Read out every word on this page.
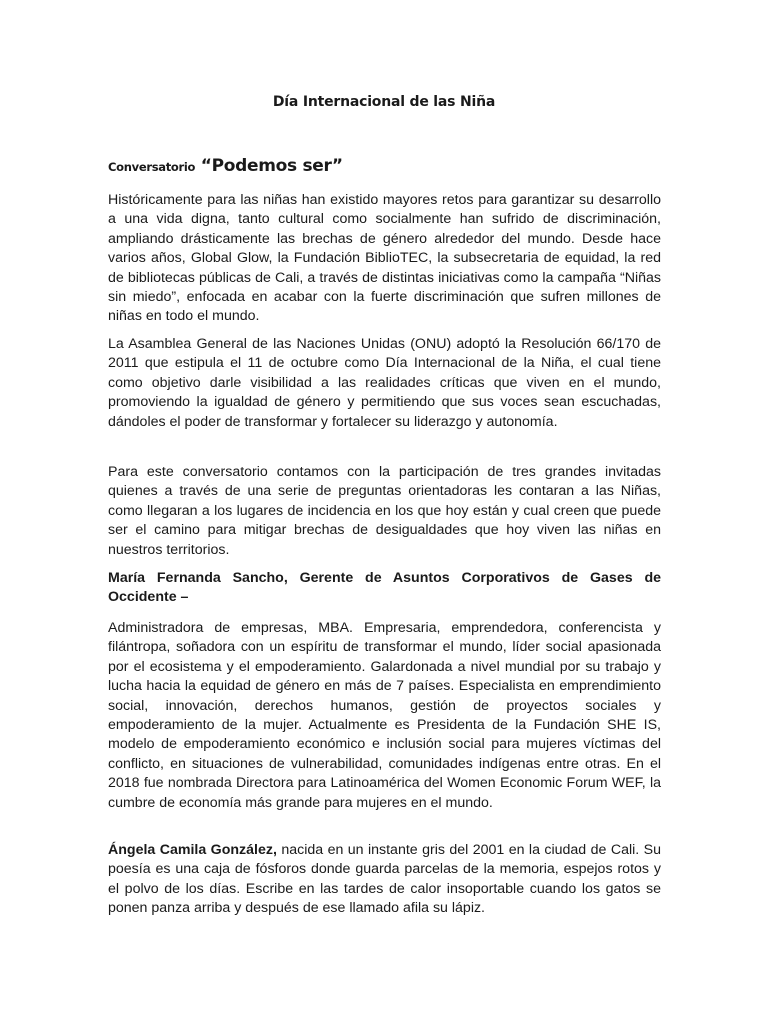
Día Internacional de las Niña
Conversatorio “Podemos ser”

Históricamente para las niñas han existido mayores retos para garantizar su desarrollo a una vida digna, tanto cultural como socialmente han sufrido de discriminación, ampliando drásticamente las brechas de género alrededor del mundo. Desde hace varios años, Global Glow, la Fundación BiblioTEC, la subsecretaria de equidad, la red de bibliotecas públicas de Cali, a través de distintas iniciativas como la campaña “Niñas sin miedo”, enfocada en acabar con la fuerte discriminación que sufren millones de niñas en todo el mundo.

La Asamblea General de las Naciones Unidas (ONU) adoptó la Resolución 66/170 de 2011 que estipula el 11 de octubre como Día Internacional de la Niña, el cual tiene como objetivo darle visibilidad a las realidades críticas que viven en el mundo, promoviendo la igualdad de género y permitiendo que sus voces sean escuchadas, dándoles el poder de transformar y fortalecer su liderazgo y autonomía.

Para este conversatorio contamos con la participación de tres grandes invitadas quienes a través de una serie de preguntas orientadoras les contaran a las Niñas, como llegaran a los lugares de incidencia en los que hoy están y cual creen que puede ser el camino para mitigar brechas de desigualdades que hoy viven las niñas en nuestros territorios.

María Fernanda Sancho, Gerente de Asuntos Corporativos de Gases de Occidente –

Administradora de empresas, MBA. Empresaria, emprendedora, conferencista y filántropa, soñadora con un espíritu de transformar el mundo, líder social apasionada por el ecosistema y el empoderamiento. Galardonada a nivel mundial por su trabajo y lucha hacia la equidad de género en más de 7 países. Especialista en emprendimiento social, innovación, derechos humanos, gestión de proyectos sociales y empoderamiento de la mujer. Actualmente es Presidenta de la Fundación SHE IS, modelo de empoderamiento económico e inclusión social para mujeres víctimas del conflicto, en situaciones de vulnerabilidad, comunidades indígenas entre otras. En el 2018 fue nombrada Directora para Latinoamérica del Women Economic Forum WEF, la cumbre de economía más grande para mujeres en el mundo.

Ángela Camila González, nacida en un instante gris del 2001 en la ciudad de Cali. Su poesía es una caja de fósforos donde guarda parcelas de la memoria, espejos rotos y el polvo de los días. Escribe en las tardes de calor insoportable cuando los gatos se ponen panza arriba y después de ese llamado afila su lápiz.
